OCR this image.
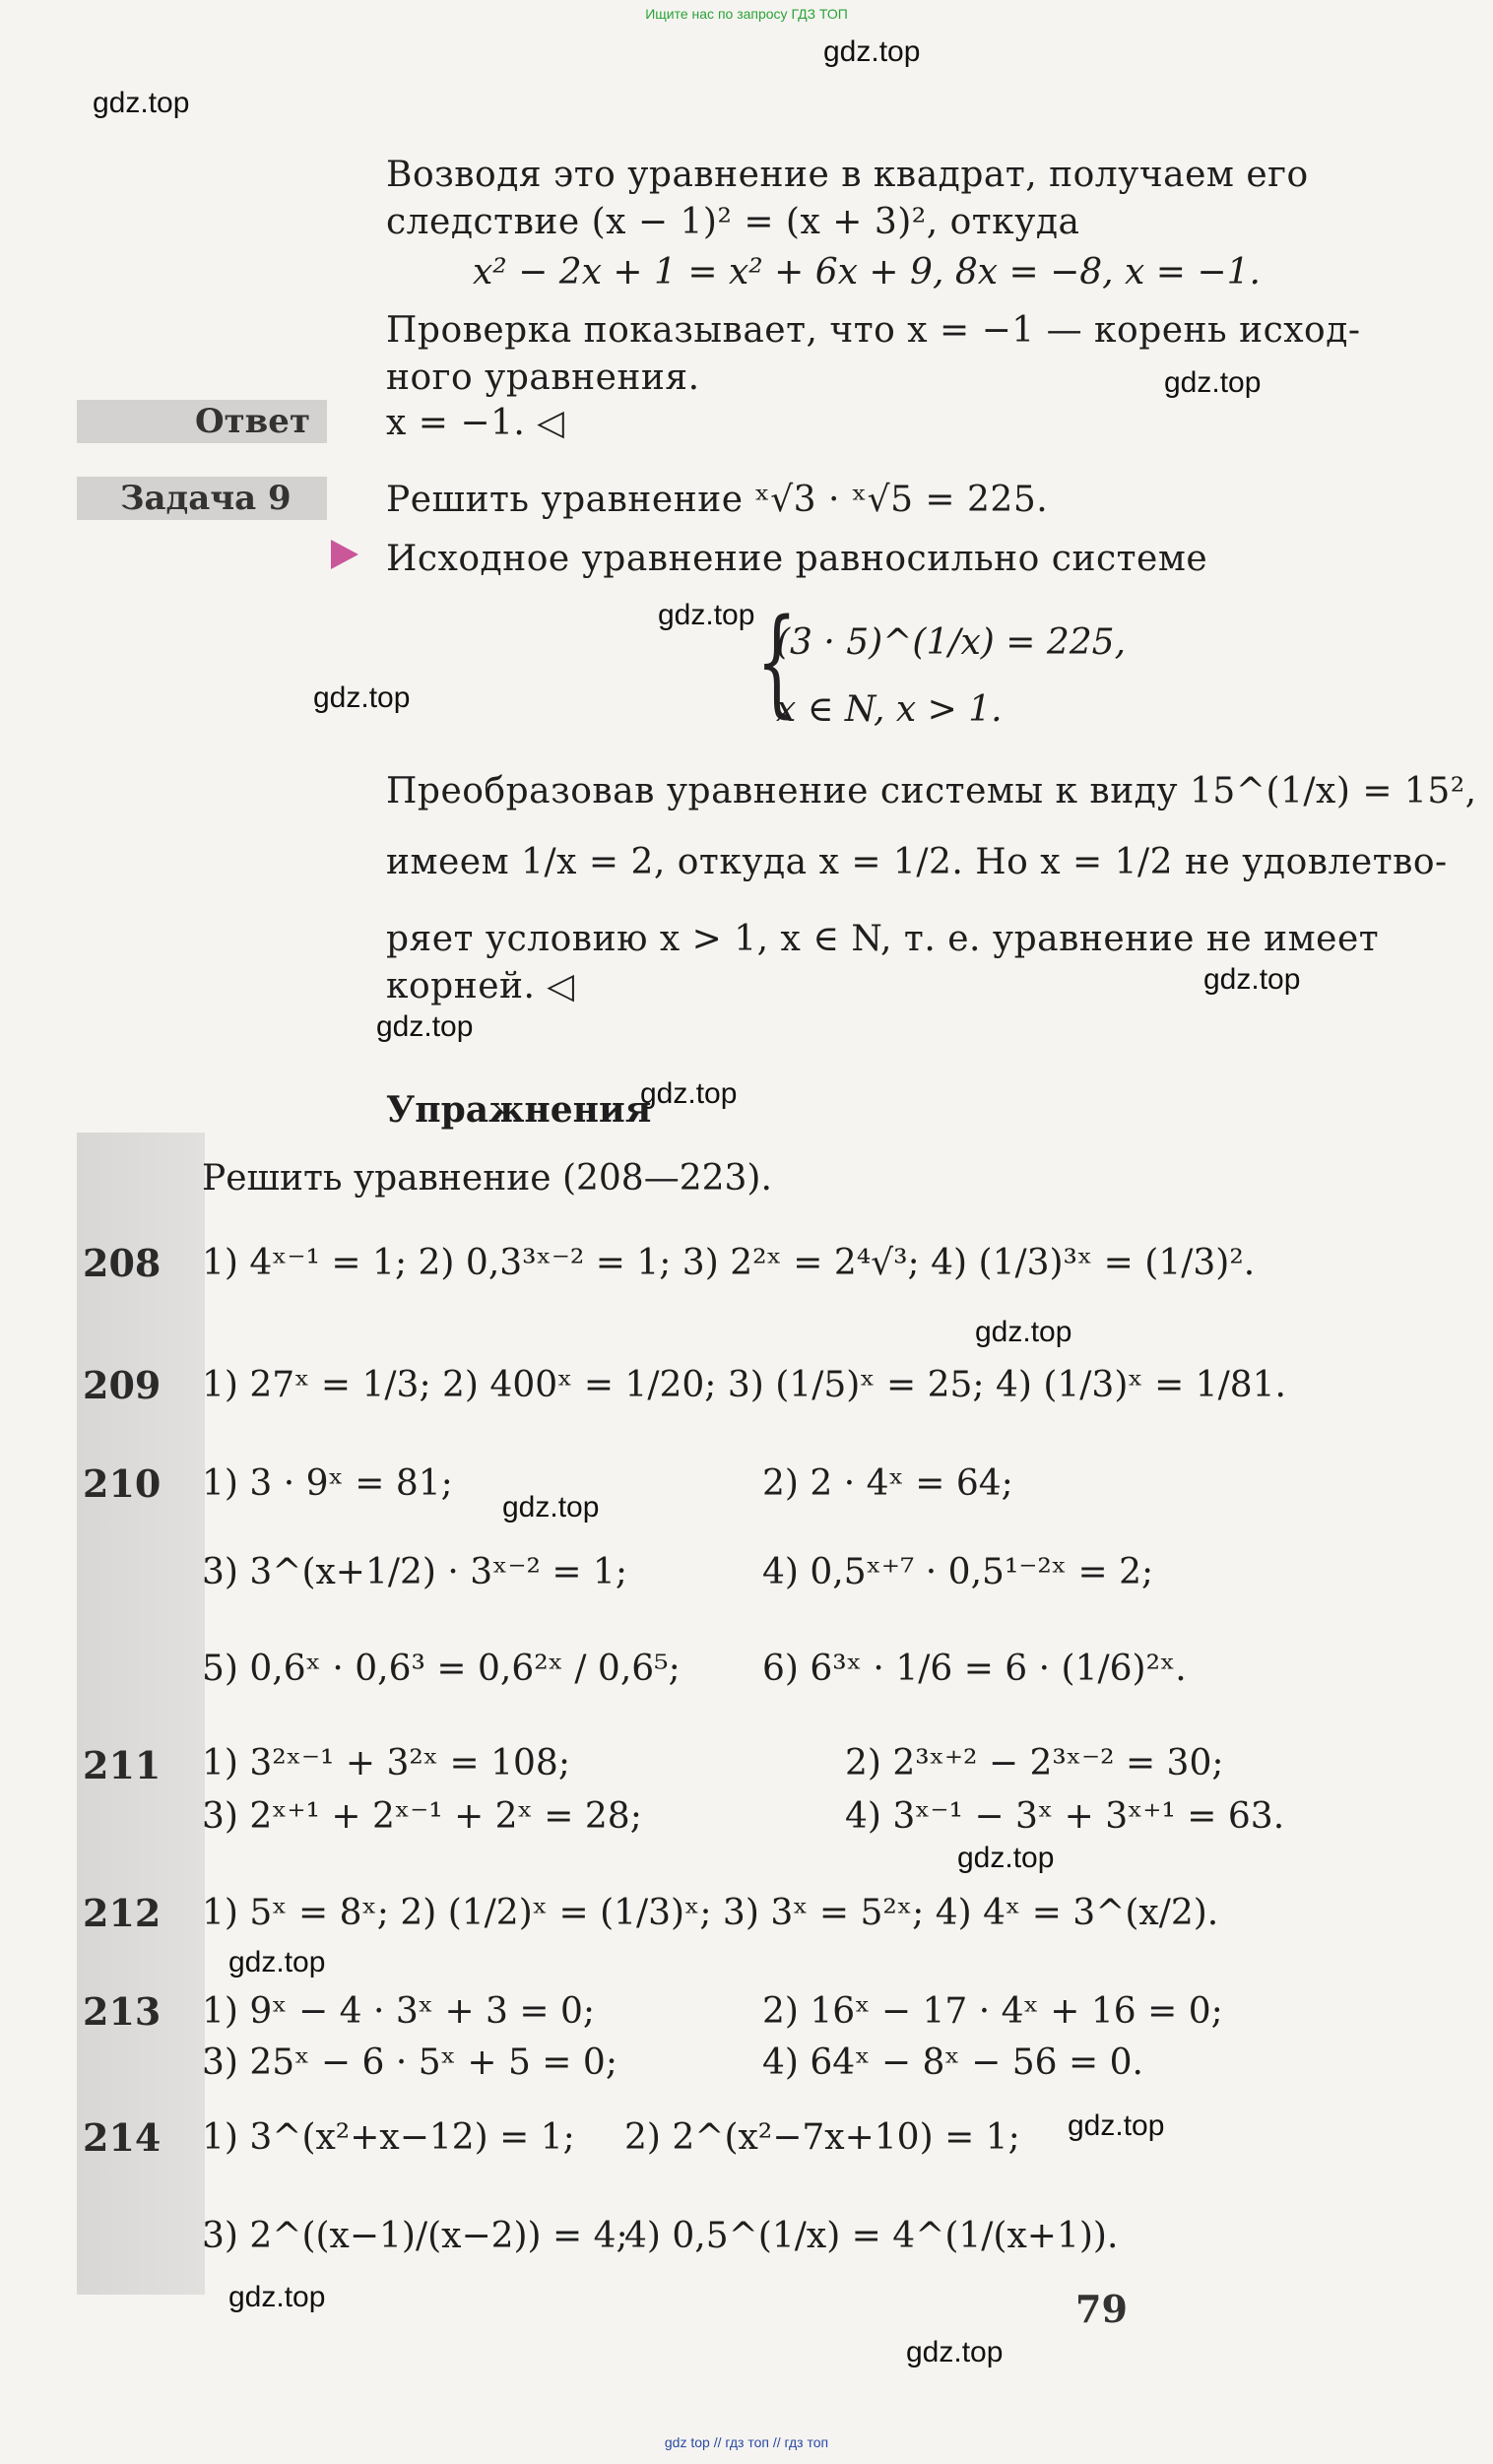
Ищите нас по запросу ГДЗ ТОП
gdz.top
gdz.top
gdz.top
gdz.top
gdz.top
gdz.top
gdz.top
gdz.top
gdz.top
gdz.top
gdz.top
gdz.top
gdz.top
gdz.top
gdz.top
Возводя это уравнение в квадрат, получаем его
следствие (x − 1)² = (x + 3)², откуда
x² − 2x + 1 = x² + 6x + 9, 8x = −8, x = −1.
Проверка показывает, что x = −1 — корень исход-
ного уравнения.
Ответ	x = −1. ◁
Задача 9	Решить уравнение ˣ√3 · ˣ√5 = 225.
Исходное уравнение равносильно системе
{
(3 · 5)^(1/x) = 225,
x ∈ N, x > 1.
Преобразовав уравнение системы к виду 15^(1/x) = 15²,
имеем 1/x = 2, откуда x = 1/2. Но x = 1/2 не удовлетво-
ряет условию x > 1, x ∈ N, т. е. уравнение не имеет
корней. ◁
Упражнения
Решить уравнение (208—223).
208 1) 4ˣ⁻¹ = 1; 2) 0,3³ˣ⁻² = 1; 3) 2²ˣ = 2⁴√³; 4) (1/3)³ˣ = (1/3)².
209 1) 27ˣ = 1/3; 2) 400ˣ = 1/20; 3) (1/5)ˣ = 25; 4) (1/3)ˣ = 1/81.
210 1) 3 · 9ˣ = 81;	2) 2 · 4ˣ = 64;
3) 3^(x+1/2) · 3ˣ⁻² = 1;	4) 0,5ˣ⁺⁷ · 0,5¹⁻²ˣ = 2;
5) 0,6ˣ · 0,6³ = 0,6²ˣ / 0,6⁵; 6) 6³ˣ · 1/6 = 6 · (1/6)²ˣ.
211 1) 3²ˣ⁻¹ + 3²ˣ = 108;	2) 2³ˣ⁺² − 2³ˣ⁻² = 30;
3) 2ˣ⁺¹ + 2ˣ⁻¹ + 2ˣ = 28;	4) 3ˣ⁻¹ − 3ˣ + 3ˣ⁺¹ = 63.
212 1) 5ˣ = 8ˣ; 2) (1/2)ˣ = (1/3)ˣ; 3) 3ˣ = 5²ˣ; 4) 4ˣ = 3^(x/2).
213 1) 9ˣ − 4 · 3ˣ + 3 = 0;	2) 16ˣ − 17 · 4ˣ + 16 = 0;
3) 25ˣ − 6 · 5ˣ + 5 = 0;	4) 64ˣ − 8ˣ − 56 = 0.
214 1) 3^(x²+x−12) = 1; 2) 2^(x²−7x+10) = 1;
3) 2^((x−1)/(x−2)) = 4;
4) 0,5^(1/x) = 4^(1/(x+1)).
79
gdz top // гдз топ // гдз топ
